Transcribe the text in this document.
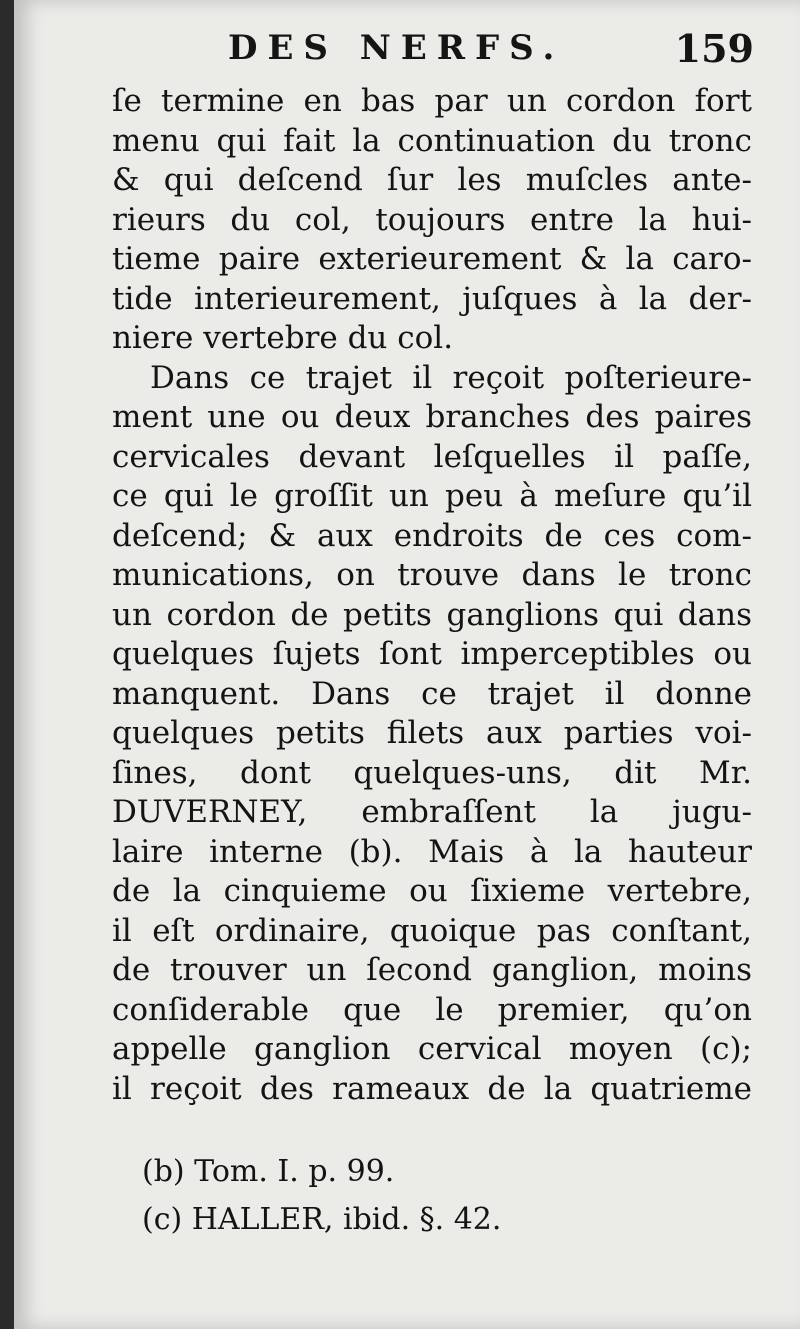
DES NERFS.	159
ſe termine en bas par un cordon fort
menu qui fait la continuation du tronc
& qui deſcend ſur les muſcles ante-
rieurs du col, toujours entre la hui-
tieme paire exterieurement & la caro-
tide interieurement, juſques à la der-
niere vertebre du col.
Dans ce trajet il reçoit poſterieure-
ment une ou deux branches des paires
cervicales devant leſquelles il paſſe,
ce qui le groſſit un peu à meſure qu’il
deſcend; & aux endroits de ces com-
munications, on trouve dans le tronc
un cordon de petits ganglions qui dans
quelques ſujets ſont imperceptibles ou
manquent. Dans ce trajet il donne
quelques petits filets aux parties voi-
ſines, dont quelques-uns, dit Mr.
DUVERNEY, embraſſent la jugu-
laire interne (b). Mais à la hauteur
de la cinquieme ou ſixieme vertebre,
il eſt ordinaire, quoique pas conſtant,
de trouver un ſecond ganglion, moins
conſiderable que le premier, qu’on
appelle ganglion cervical moyen (c);
il reçoit des rameaux de la quatrieme
(b) Tom. I. p. 99.
(c) HALLER, ibid. §. 42.
